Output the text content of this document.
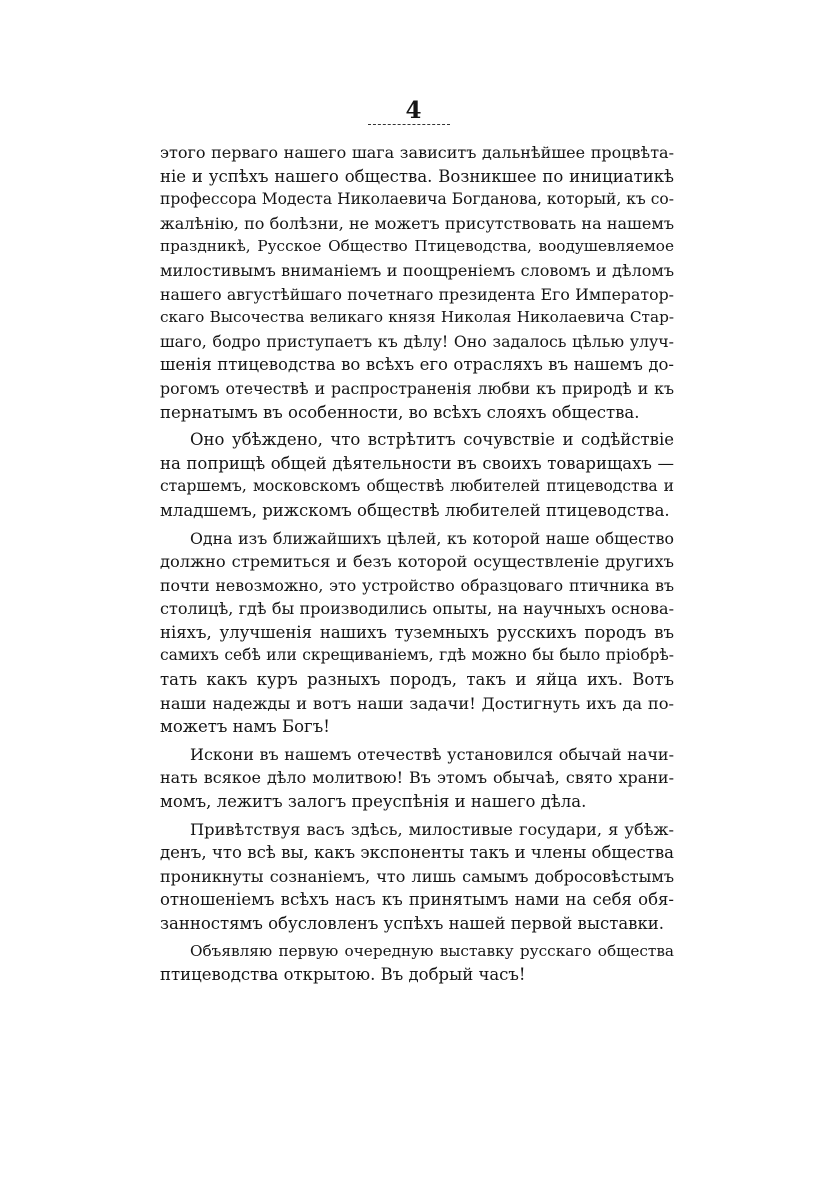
4
этого перваго нашего шага зависитъ дальнѣйшее процвѣта-
ніе и успѣхъ нашего общества. Возникшее по инициатикѣ
профессора Модеста Николаевича Богданова, который, къ со-
жалѣнію, по болѣзни, не можетъ присутствовать на нашемъ
праздникѣ, Русское Общество Птицеводства, воодушевляемое
милостивымъ вниманіемъ и поощреніемъ словомъ и дѣломъ
нашего августѣйшаго почетнаго президента Его Император-
скаго Высочества великаго князя Николая Николаевича Стар-
шаго, бодро приступаетъ къ дѣлу! Оно задалось цѣлью улуч-
шенія птицеводства во всѣхъ его отрасляхъ въ нашемъ до-
рогомъ отечествѣ и распространенія любви къ природѣ и къ
пернатымъ въ особенности, во всѣхъ слояхъ общества.
Оно убѣждено, что встрѣтитъ сочувствіе и содѣйствіе
на поприщѣ общей дѣятельности въ своихъ товарищахъ —
старшемъ, московскомъ обществѣ любителей птицеводства и
младшемъ, рижскомъ обществѣ любителей птицеводства.
Одна изъ ближайшихъ цѣлей, къ которой наше общество
должно стремиться и безъ которой осуществленіе другихъ
почти невозможно, это устройство образцоваго птичника въ
столицѣ, гдѣ бы производились опыты, на научныхъ основа-
ніяхъ, улучшенія нашихъ туземныхъ русскихъ породъ въ
самихъ себѣ или скрещиваніемъ, гдѣ можно бы было пріобрѣ-
тать какъ куръ разныхъ породъ, такъ и яйца ихъ. Вотъ
наши надежды и вотъ наши задачи! Достигнуть ихъ да по-
можетъ намъ Богъ!
Искони въ нашемъ отечествѣ установился обычай начи-
нать всякое дѣло молитвою! Въ этомъ обычаѣ, свято храни-
момъ, лежитъ залогъ преуспѣнія и нашего дѣла.
Привѣтствуя васъ здѣсь, милостивые государи, я убѣж-
денъ, что всѣ вы, какъ экспоненты такъ и члены общества
проникнуты сознаніемъ, что лишь самымъ добросовѣстымъ
отношеніемъ всѣхъ насъ къ принятымъ нами на себя обя-
занностямъ обусловленъ успѣхъ нашей первой выставки.
Объявляю первую очередную выставку русскаго общества
птицеводства открытою. Въ добрый часъ!
